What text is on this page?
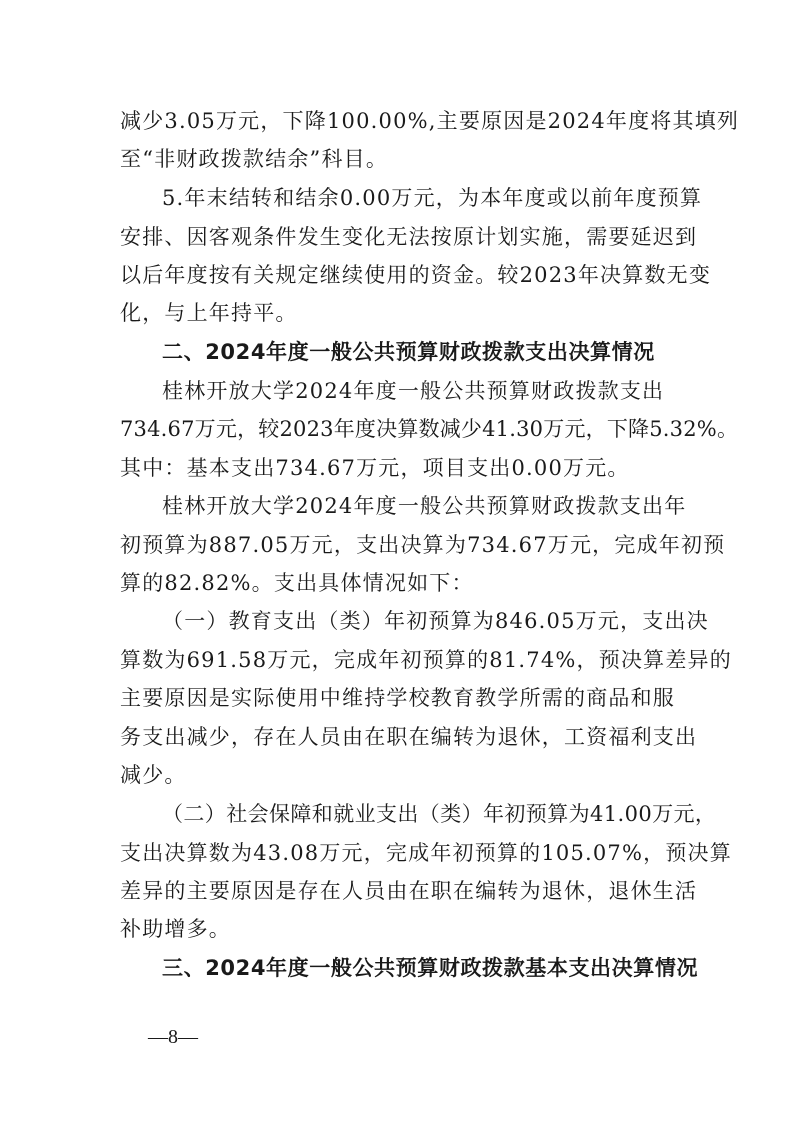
减少3.05万元，下降100.00%,主要原因是2024年度将其填列
至“非财政拨款结余”科目。
5.年末结转和结余0.00万元，为本年度或以前年度预算
安排、因客观条件发生变化无法按原计划实施，需要延迟到
以后年度按有关规定继续使用的资金。较2023年决算数无变
化，与上年持平。
二、2024年度一般公共预算财政拨款支出决算情况
桂林开放大学2024年度一般公共预算财政拨款支出
734.67万元，较2023年度决算数减少41.30万元，下降5.32%。
其中：基本支出734.67万元，项目支出0.00万元。
桂林开放大学2024年度一般公共预算财政拨款支出年
初预算为887.05万元，支出决算为734.67万元，完成年初预
算的82.82%。支出具体情况如下：
（一）教育支出（类）年初预算为846.05万元，支出决
算数为691.58万元，完成年初预算的81.74%，预决算差异的
主要原因是实际使用中维持学校教育教学所需的商品和服
务支出减少，存在人员由在职在编转为退休，工资福利支出
减少。
（二）社会保障和就业支出（类）年初预算为41.00万元，
支出决算数为43.08万元，完成年初预算的105.07%，预决算
差异的主要原因是存在人员由在职在编转为退休，退休生活
补助增多。
三、2024年度一般公共预算财政拨款基本支出决算情况
—8—
